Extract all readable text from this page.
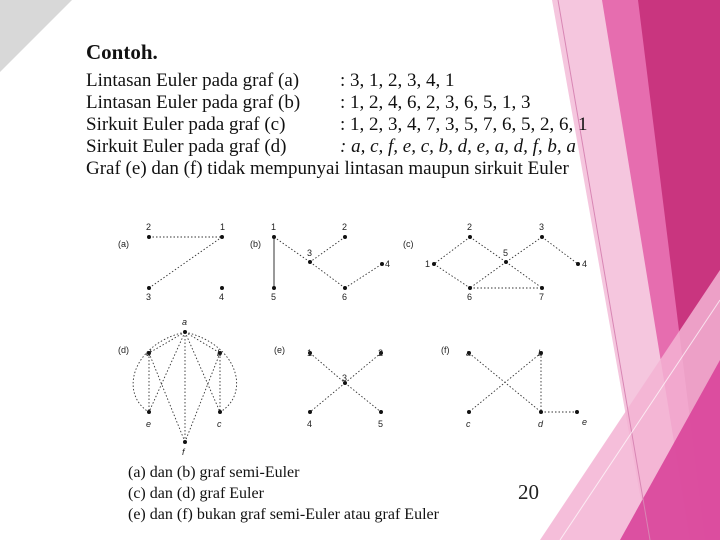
Contoh.
Lintasan Euler pada graf (a) : 3, 1, 2, 3, 4, 1
Lintasan Euler pada graf (b) : 1, 2, 4, 6, 2, 3, 6, 5, 1, 3
Sirkuit Euler pada graf (c)	: 1, 2, 3, 4, 7, 3, 5, 7, 6, 5, 2, 6, 1
Sirkuit Euler pada graf (d)	: a, c, f, e, c, b, d, e, a, d, f, b, a
Graf (e) dan (f) tidak mempunyai lintasan maupun sirkuit Euler
(a)
2	1
3	4
(b)
1	2
3
4
5	6
(c)
2	3
5
1	4
6	7
(d)
a
d	b
e	c
f
(e) 1	2
3
4	5
(f) a	b
c	d	e
(a) dan (b) graf semi-Euler
(c) dan (d) graf Euler
(e) dan (f) bukan graf semi-Euler atau graf Euler
20
